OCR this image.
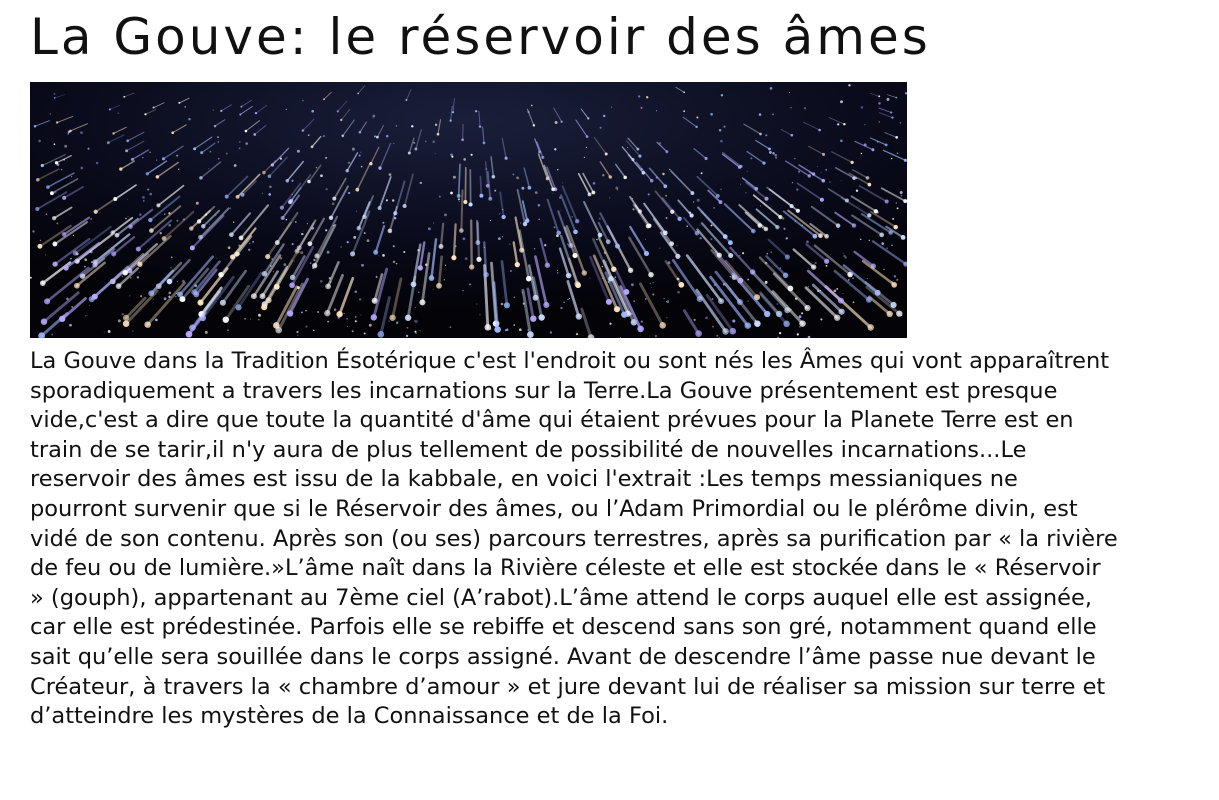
La Gouve: le réservoir des âmes

La Gouve dans la Tradition Ésotérique c'est l'endroit ou sont nés les Âmes qui vont apparaîtrent sporadiquement a travers les incarnations sur la Terre.La Gouve présentement est presque vide,c'est a dire que toute la quantité d'âme qui étaient prévues pour la Planete Terre est en train de se tarir,il n'y aura de plus tellement de possibilité de nouvelles incarnations...Le reservoir des âmes est issu de la kabbale, en voici l'extrait :Les temps messianiques ne pourront survenir que si le Réservoir des âmes, ou l’Adam Primordial ou le plérôme divin, est vidé de son contenu. Après son (ou ses) parcours terrestres, après sa purification par « la rivière de feu ou de lumière.»L’âme naît dans la Rivière céleste et elle est stockée dans le « Réservoir » (gouph), appartenant au 7ème ciel (A’rabot).L’âme attend le corps auquel elle est assignée, car elle est prédestinée. Parfois elle se rebiffe et descend sans son gré, notamment quand elle sait qu’elle sera souillée dans le corps assigné. Avant de descendre l’âme passe nue devant le Créateur, à travers la « chambre d’amour » et jure devant lui de réaliser sa mission sur terre et d’atteindre les mystères de la Connaissance et de la Foi.
